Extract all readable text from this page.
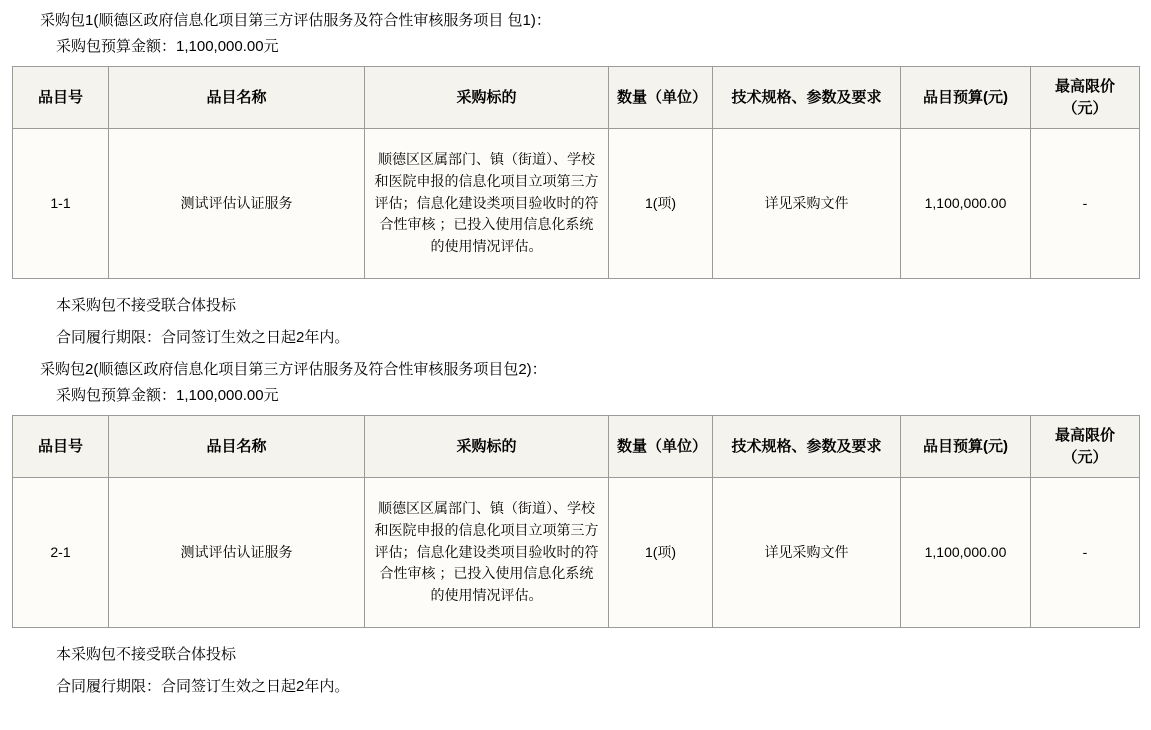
采购包1(顺德区政府信息化项目第三方评估服务及符合性审核服务项目 包1)：
采购包预算金额：1,100,000.00元
品目号	品目名称	采购标的	数量（单位）	技术规格、参数及要求	品目预算(元)	最高限价（元）
1-1	测试评估认证服务	顺德区区属部门、镇（街道）、学校和医院申报的信息化项目立项第三方评估；信息化建设类项目验收时的符合性审核 ；已投入使用信息化系统的使用情况评估。	1(项)	详见采购文件	1,100,000.00	-
本采购包不接受联合体投标
合同履行期限：合同签订生效之日起2年内。
采购包2(顺德区政府信息化项目第三方评估服务及符合性审核服务项目包2)：
采购包预算金额：1,100,000.00元
品目号	品目名称	采购标的	数量（单位）	技术规格、参数及要求	品目预算(元)	最高限价（元）
2-1	测试评估认证服务	顺德区区属部门、镇（街道）、学校和医院申报的信息化项目立项第三方评估；信息化建设类项目验收时的符合性审核 ；已投入使用信息化系统的使用情况评估。	1(项)	详见采购文件	1,100,000.00	-
本采购包不接受联合体投标
合同履行期限：合同签订生效之日起2年内。
